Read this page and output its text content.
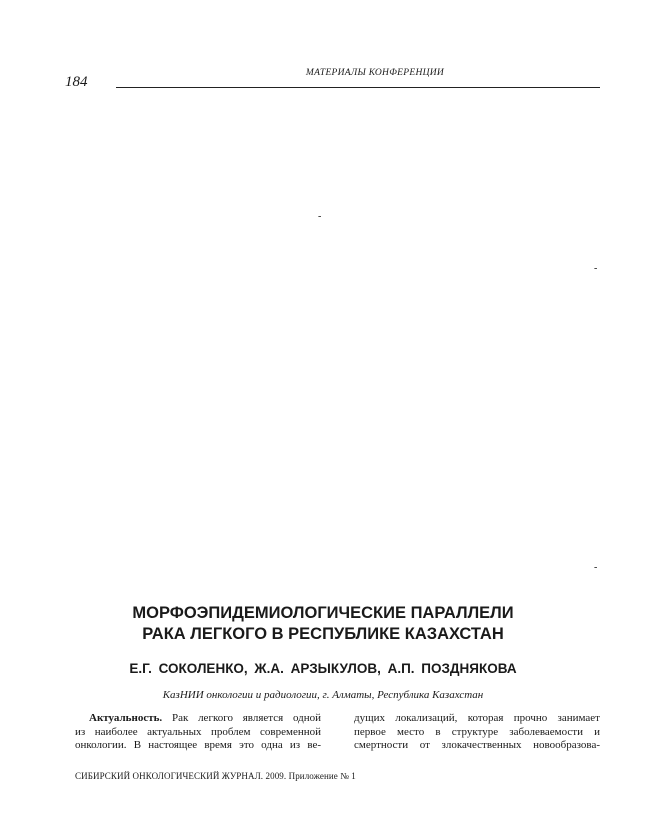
МАТЕРИАЛЫ КОНФЕРЕНЦИИ
184
-
-
-
МОРФОЭПИДЕМИОЛОГИЧЕСКИЕ ПАРАЛЛЕЛИ
РАКА ЛЕГКОГО В РЕСПУБЛИКЕ КАЗАХСТАН
Е.Г. СОКОЛЕНКО, Ж.А. АРЗЫКУЛОВ, А.П. ПОЗДНЯКОВА
КазНИИ онкологии и радиологии, г. Алматы, Республика Казахстан
Актуальность. Рак легкого является одной
из наиболее актуальных проблем современной
онкологии. В настоящее время это одна из ве-
дущих локализаций, которая прочно занимает
первое место в структуре заболеваемости и
смертности от злокачественных новообразова-
СИБИРСКИЙ ОНКОЛОГИЧЕСКИЙ ЖУРНАЛ. 2009. Приложение № 1
